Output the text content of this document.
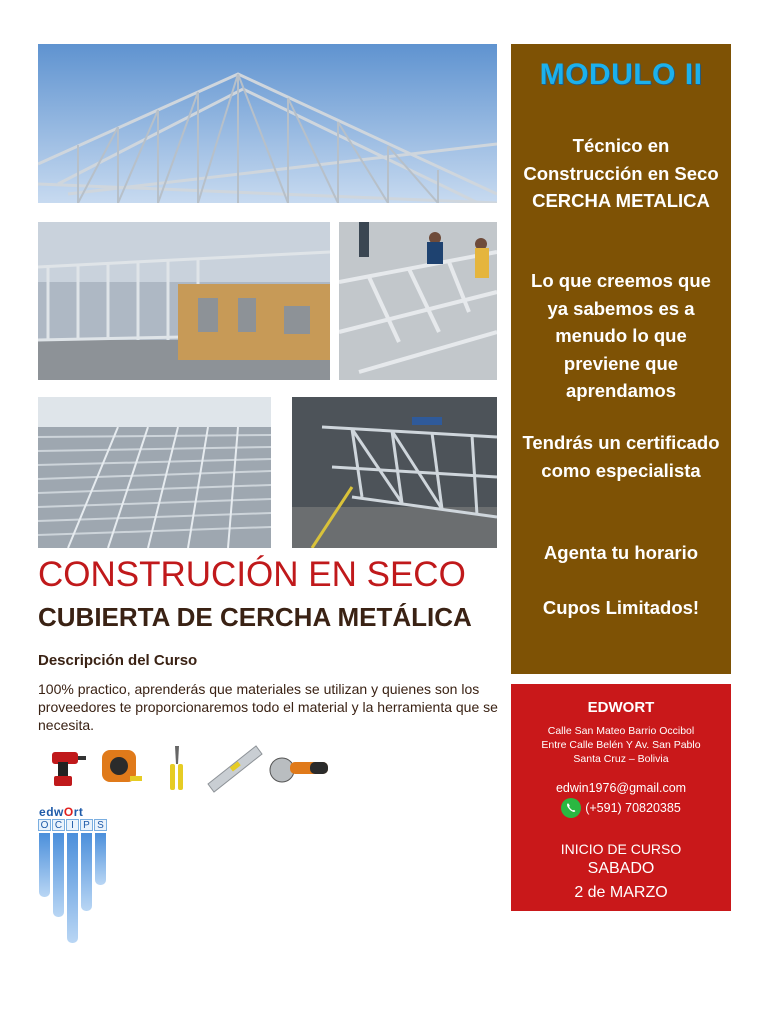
CONSTRUCIÓN EN SECO
CUBIERTA DE CERCHA METÁLICA
Descripción del Curso
100% practico, aprenderás que materiales se utilizan y quienes son los proveedores te proporcionaremos todo el material y la herramienta que se necesita.
edwOrt
O C I P S
MODULO II
Técnico en Construcción en Seco CERCHA METALICA
Lo que creemos que ya sabemos es a menudo lo que previene que aprendamos
Tendrás un certificado como especialista
Agenta tu horario
Cupos Limitados!
EDWORT
Calle San Mateo Barrio Occibol
Entre Calle Belén Y Av. San Pablo
Santa Cruz – Bolivia
edwin1976@gmail.com
(+591) 70820385
INICIO DE CURSO
SABADO
2 de MARZO
